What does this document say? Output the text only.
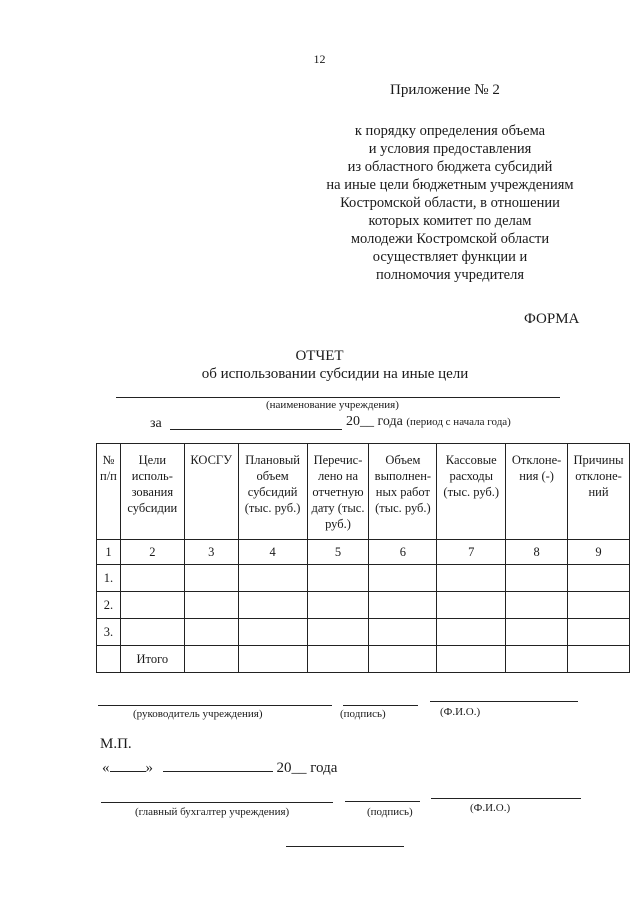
12
Приложение № 2
к порядку определения объема
и условия предоставления
из областного бюджета субсидий
на иные цели бюджетным учреждениям
Костромской области, в отношении
которых комитет по делам
молодежи Костромской области
осуществляет функции и
полномочия учредителя
ФОРМА
ОТЧЕТ
об использовании субсидии на иные цели
(наименование учреждения)
за	20__ года (период с начала года)
№ п/п	Цели исполь-зования субсидии	КОСГУ	Плановый объем субсидий (тыс. руб.)	Перечис-лено на отчетную дату (тыс. руб.)	Объем выполнен-ных работ (тыс. руб.)	Кассовые расходы (тыс. руб.)	Отклоне-ния (-)	Причины отклоне-ний
1	2	3	4	5	6	7	8	9
1.								
2.								
3.								
	Итого							
(руководитель учреждения)	(подпись)	(Ф.И.О.)
М.П.
« »	20__ года
(главный бухгалтер учреждения)	(подпись)	(Ф.И.О.)
